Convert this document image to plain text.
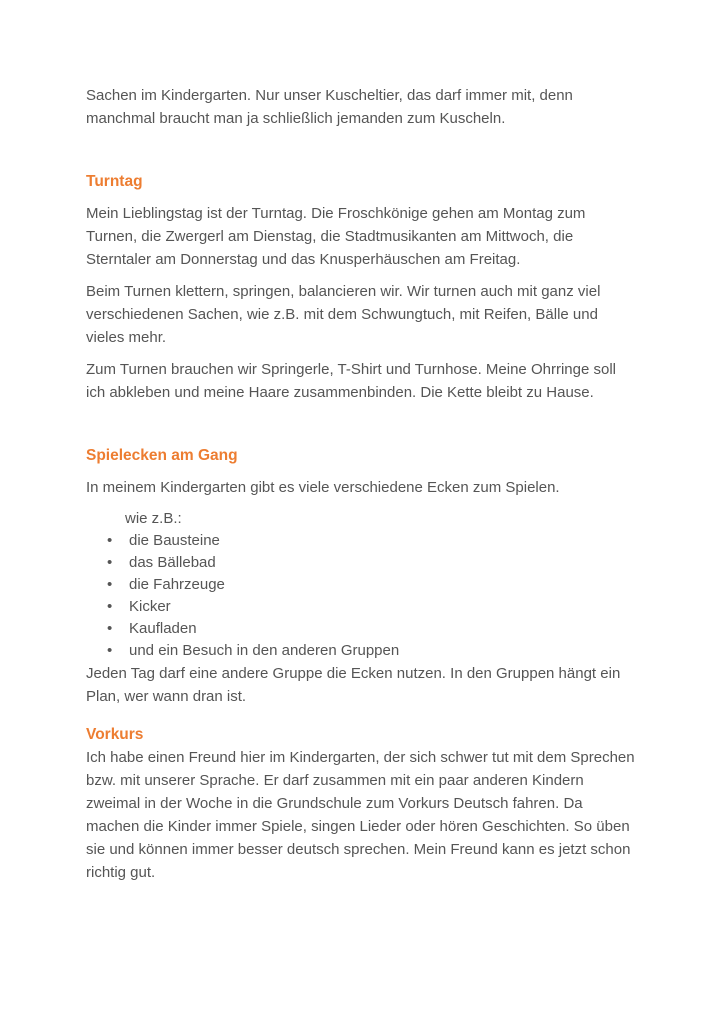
Sachen im Kindergarten. Nur unser Kuscheltier, das darf immer mit, denn manchmal braucht man ja schließlich jemanden zum Kuscheln.

Turntag

Mein Lieblingstag ist der Turntag. Die Froschkönige gehen am Montag zum Turnen, die Zwergerl am Dienstag, die Stadtmusikanten am Mittwoch, die Sterntaler am Donnerstag und das Knusperhäuschen am Freitag.

Beim Turnen klettern, springen, balancieren wir. Wir turnen auch mit ganz viel verschiedenen Sachen, wie z.B. mit dem Schwungtuch, mit Reifen, Bälle und vieles mehr.

Zum Turnen brauchen wir Springerle, T-Shirt und Turnhose. Meine Ohrringe soll ich abkleben und meine Haare zusammenbinden. Die Kette bleibt zu Hause.

Spielecken am Gang

In meinem Kindergarten gibt es viele verschiedene Ecken zum Spielen.

wie z.B.:
•	die Bausteine
•	das Bällebad
•	die Fahrzeuge
•	Kicker
•	Kaufladen
•	und ein Besuch in den anderen Gruppen

Jeden Tag darf eine andere Gruppe die Ecken nutzen. In den Gruppen hängt ein Plan, wer wann dran ist.

Vorkurs

Ich habe einen Freund hier im Kindergarten, der sich schwer tut mit dem Sprechen bzw. mit unserer Sprache. Er darf zusammen mit ein paar anderen Kindern zweimal in der Woche in die Grundschule zum Vorkurs Deutsch fahren. Da machen die Kinder immer Spiele, singen Lieder oder hören Geschichten. So üben sie und können immer besser deutsch sprechen. Mein Freund kann es jetzt schon richtig gut.
